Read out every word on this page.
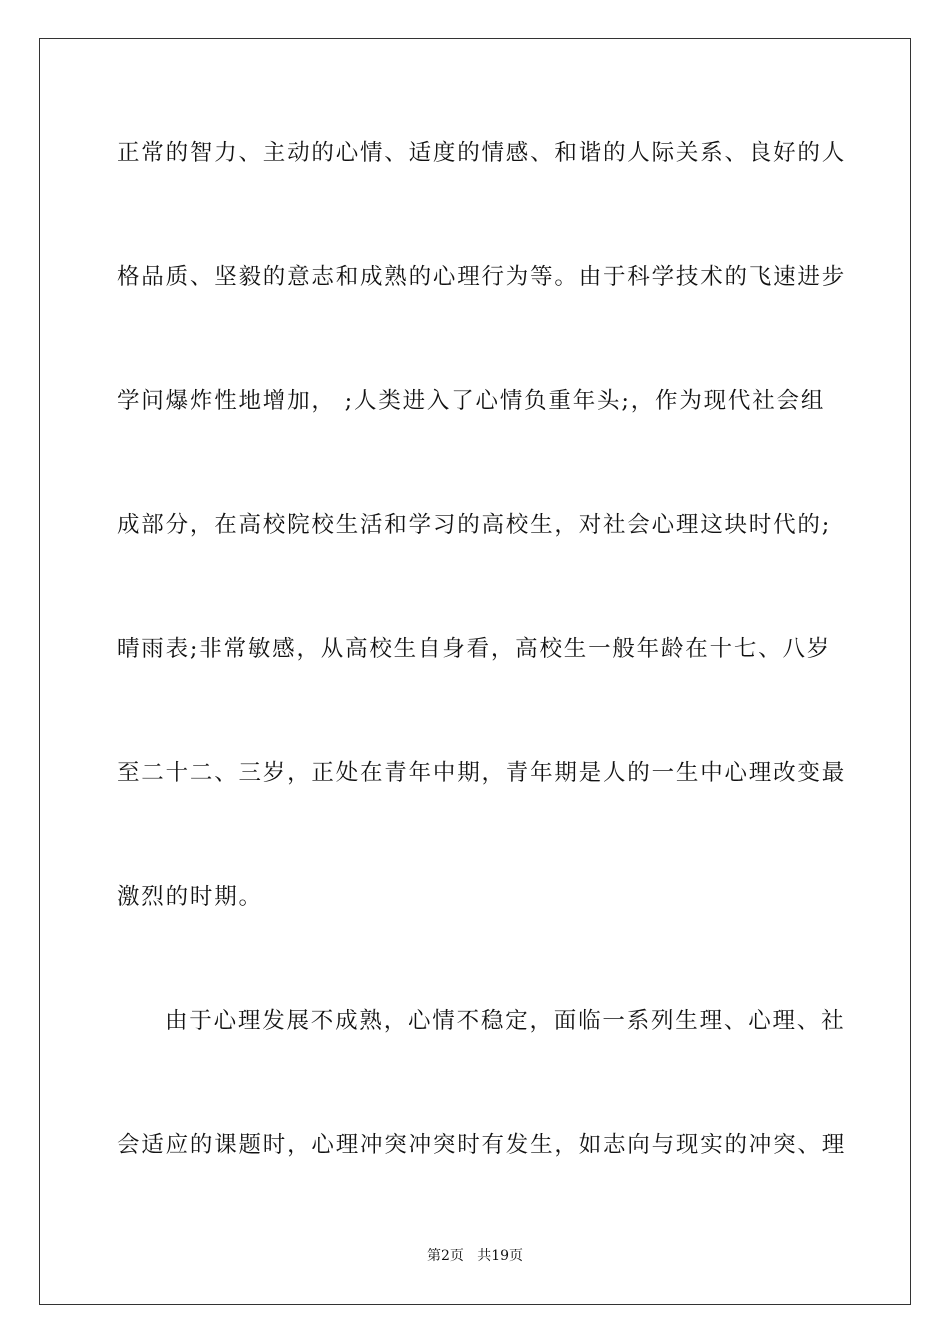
正常的智力、主动的心情、适度的情感、和谐的人际关系、良好的人
格品质、坚毅的意志和成熟的心理行为等。由于科学技术的飞速进步
学问爆炸性地增加， ;人类进入了心情负重年头;，作为现代社会组
成部分，在高校院校生活和学习的高校生，对社会心理这块时代的;
晴雨表;非常敏感，从高校生自身看，高校生一般年龄在十七、八岁
至二十二、三岁，正处在青年中期，青年期是人的一生中心理改变最
激烈的时期。
由于心理发展不成熟，心情不稳定，面临一系列生理、心理、社
会适应的课题时，心理冲突冲突时有发生，如志向与现实的冲突、理
第2页   共19页
